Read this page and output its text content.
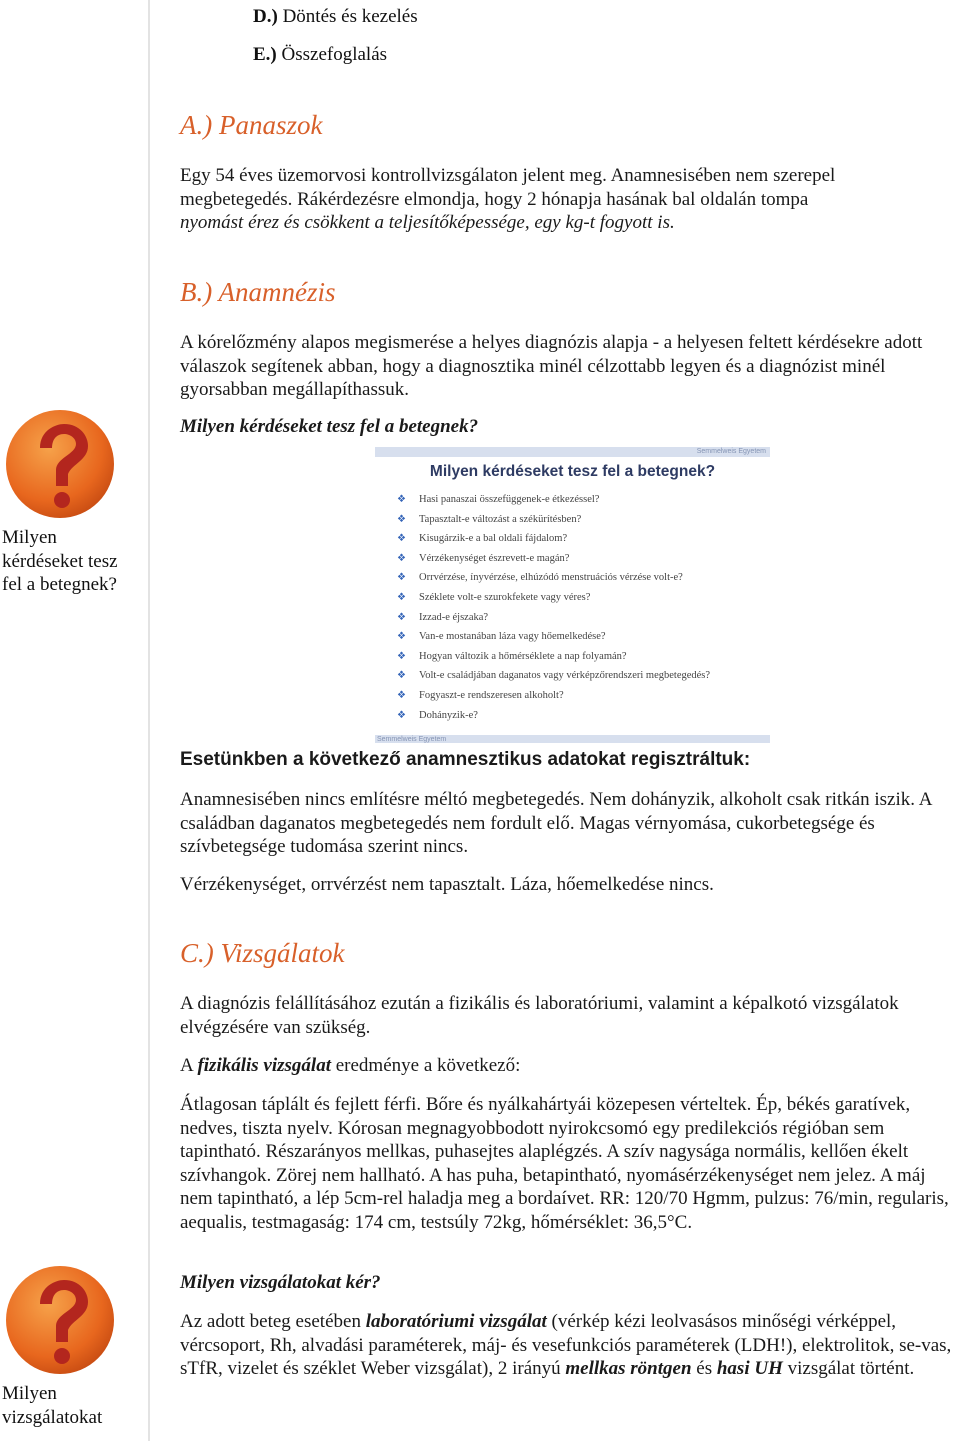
D.) Döntés és kezelés
E.) Összefoglalás
A.) Panaszok
Egy 54 éves üzemorvosi kontrollvizsgálaton jelent meg. Anamnesisében nem szerepel
megbetegedés. Rákérdezésre elmondja, hogy 2 hónapja hasának bal oldalán tompa
nyomást érez és csökkent a teljesítőképessége, egy kg-t fogyott is.
B.) Anamnézis
A kórelőzmény alapos megismerése a helyes diagnózis alapja - a helyesen feltett kérdésekre adott válaszok segítenek abban, hogy a diagnosztika minél célzottabb legyen és a diagnózist minél gyorsabban megállapíthassuk.
Milyen kérdéseket tesz fel a betegnek?
Milyen kérdéseket tesz fel a betegnek?
Semmelweis Egyetem
Milyen kérdéseket tesz fel a betegnek?
❖ Hasi panaszai összefüggenek-e étkezéssel?
❖ Tapasztalt-e változást a székürítésben?
❖ Kisugárzik-e a bal oldali fájdalom?
❖ Vérzékenységet észrevett-e magán?
❖ Orrvérzése, ínyvérzése, elhúzódó menstruációs vérzése volt-e?
❖ Széklete volt-e szurokfekete vagy véres?
❖ Izzad-e éjszaka?
❖ Van-e mostanában láza vagy hőemelkedése?
❖ Hogyan változik a hőmérséklete a nap folyamán?
❖ Volt-e családjában daganatos vagy vérképzőrendszeri megbetegedés?
❖ Fogyaszt-e rendszeresen alkoholt?
❖ Dohányzik-e?
Semmelweis Egyetem
Esetünkben a következő anamnesztikus adatokat regisztráltuk:
Anamnesisében nincs említésre méltó megbetegedés. Nem dohányzik, alkoholt csak ritkán iszik. A családban daganatos megbetegedés nem fordult elő. Magas vérnyomása, cukorbetegsége és szívbetegsége tudomása szerint nincs.
Vérzékenységet, orrvérzést nem tapasztalt. Láza, hőemelkedése nincs.
C.) Vizsgálatok
A diagnózis felállításához ezután a fizikális és laboratóriumi, valamint a képalkotó vizsgálatok elvégzésére van szükség.
A fizikális vizsgálat eredménye a következő:
Átlagosan táplált és fejlett férfi. Bőre és nyálkahártyái közepesen vérteltek. Ép, békés garatívek, nedves, tiszta nyelv. Kórosan megnagyobbodott nyirokcsomó egy predilekciós régióban sem tapintható. Részarányos mellkas, puhasejtes alaplégzés. A szív nagysága normális, kellően ékelt szívhangok. Zörej nem hallható. A has puha, betapintható, nyomásérzékenységet nem jelez. A máj nem tapintható, a lép 5cm-rel haladja meg a bordaívet. RR: 120/70 Hgmm, pulzus: 76/min, regularis, aequalis, testmagaság: 174 cm, testsúly 72kg, hőmérséklet: 36,5°C.
Milyen vizsgálatokat kér?
Milyen vizsgálatokat
Az adott beteg esetében laboratóriumi vizsgálat (vérkép kézi leolvasásos minőségi vérképpel, vércsoport, Rh, alvadási paraméterek, máj- és vesefunkciós paraméterek (LDH!), elektrolitok, se-vas, sTfR, vizelet és széklet Weber vizsgálat), 2 irányú mellkas röntgen és hasi UH vizsgálat történt.
